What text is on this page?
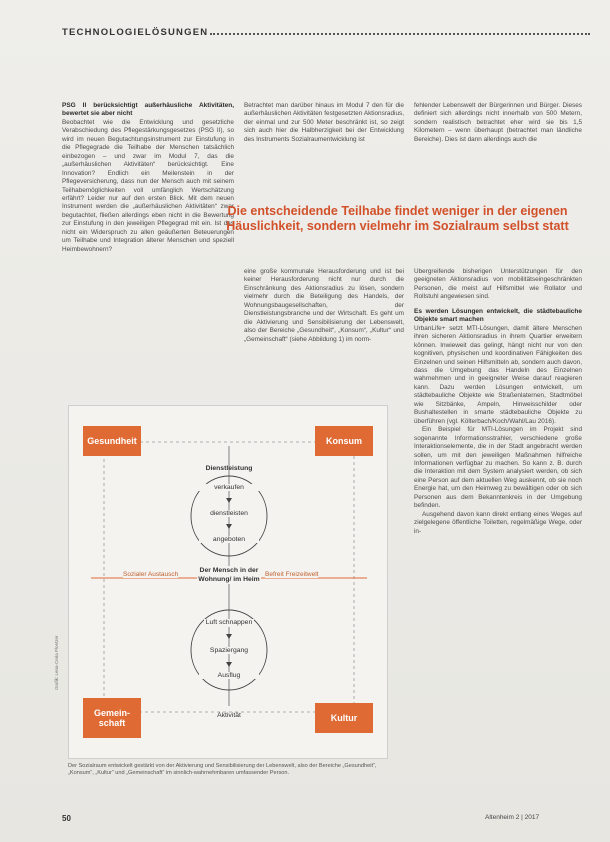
TECHNOLOGIELÖSUNGEN

PSG II berücksichtigt außerhäusliche Aktivitäten, bewertet sie aber nicht

Beobachtet wie die Entwicklung und gesetzliche Verabschiedung des Pflegestärkungsgesetzes (PSG II), so wird im neuen Begutachtungsinstrument zur Einstufung in die Pflegegrade die Teilhabe der Menschen tatsächlich einbezogen – und zwar im Modul 7, das die „außerhäuslichen Aktivitäten“ berücksichtigt. Eine Innovation? Endlich ein Meilenstein in der Pflegeversicherung, dass nun der Mensch auch mit seinem Teilhabemöglichkeiten voll umfänglich Wertschätzung erfährt? Leider nur auf den ersten Blick. Mit dem neuen Instrument werden die „außerhäuslichen Aktivitäten“ zwar begutachtet, fließen allerdings eben nicht in die Bewertung zur Einstufung in den jeweiligen Pflegegrad mit ein. Ist das nicht ein Widerspruch zu allen geäußerten Beteuerungen um Teilhabe und Integration älterer Menschen und speziell Heimbewohnern?

Betrachtet man darüber hinaus im Modul 7 den für die außerhäuslichen Aktivitäten festgesetzten Aktionsradius, der einmal und zur 500 Meter beschränkt ist, so zeigt sich auch hier die Halbherzigkeit bei der Entwicklung des Instruments Sozialraumentwicklung ist

fehlender Lebenswelt der Bürgerinnen und Bürger. Dieses definiert sich allerdings nicht innerhalb von 500 Metern, sondern realistisch betrachtet eher wird sie bis 1,5 Kilometern – wenn überhaupt (betrachtet man ländliche Bereiche). Dies ist dann allerdings auch die

Die entscheidende Teilhabe findet weniger in der eigenen Häuslichkeit, sondern vielmehr im Sozialraum selbst statt

eine große kommunale Herausforderung und ist bei keiner Herausforderung nicht nur durch die Einschränkung des Aktionsradius zu lösen, sondern vielmehr durch die Beteiligung des Handels, der Wohnungsbaugesellschaften, der Dienstleistungsbranche und der Wirtschaft. Es geht um die Aktivierung und Sensibilisierung der Lebenswelt, also der Bereiche „Gesundheit“, „Konsum“, „Kultur“ und „Gemeinschaft“ (siehe Abbildung 1) im norm-

Übergreifende bisherigen Unterstützungen für den geeigneten Aktionsradius von mobilitätseingeschränkten Personen, die meist auf Hilfsmittel wie Rollator und Rollstuhl angewiesen sind.

Es werden Lösungen entwickelt, die städtebauliche Objekte smart machen

UrbanLife+ setzt MTI-Lösungen, damit ältere Menschen ihren sicheren Aktionsradius in ihrem Quartier erweitern können. Inwieweit das gelingt, hängt nicht nur von den kognitiven, physischen und koordinativen Fähigkeiten des Einzelnen und seinen Hilfsmitteln ab, sondern auch davon, dass die Umgebung das Handeln des Einzelnen wahrnehmen und in geeigneter Weise darauf reagieren kann. Dazu werden Lösungen entwickelt, um städtebauliche Objekte wie Straßenlaternen, Stadtmöbel wie Sitzbänke, Ampeln, Hinweisschilder oder Bushaltestellen in smarte städtebauliche Objekte zu überführen (vgl. Költerbach/Koch/Wahl/Lau 2016).

Ein Beispiel für MTI-Lösungen im Projekt sind sogenannte Informationsstrahler, verschiedene große Interaktionselemente, die in der Stadt angebracht werden sollen, um mit den jeweiligen Maßnahmen hilfreiche Informationen verfügbar zu machen. So kann z. B. durch die Interaktion mit dem System analysiert werden, ob sich eine Person auf dem aktuellen Weg auskennt, ob sie noch Energie hat, um den Heimweg zu bewältigen oder ob sich Personen aus dem Bekanntenkreis in der Umgebung befinden.

Ausgehend davon kann direkt entlang eines Weges auf zielgelegene öffentliche Toiletten, regelmäßige Wege, oder in-

Gesundheit	Konsum
Gemein-
schaft	Kultur
Dienstleistung
verkaufen
dienstleisten
angeboten
Der Mensch in der Wohnung/ im Heim
Luft schnappen
Spaziergang
Ausflug
Aktivität
Sozialer Austausch	Befreit Freizeitwelt
Grafik: Lena-Ceria Ploetzer
Der Sozialraum entwickelt gestärkt von der Aktivierung und Sensibilisierung der Lebenswelt, also der Bereiche „Gesundheit“, „Konsum“, „Kultur“ und „Gemeinschaft“ im sinnlich-wahrnehmbaren umfassender Person.
50	Altenheim 2 | 2017
